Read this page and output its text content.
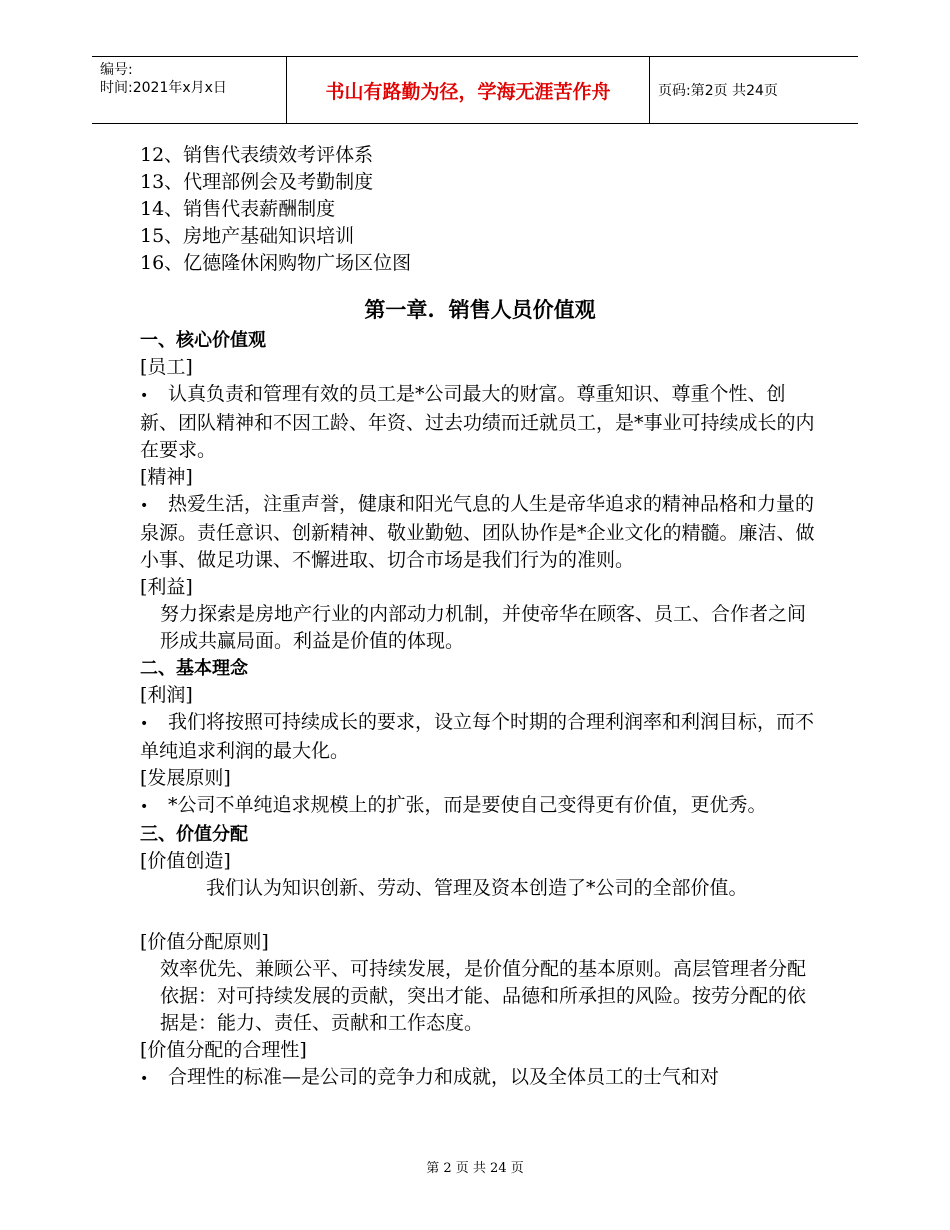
编号:
时间:2021年x月x日	书山有路勤为径，学海无涯苦作舟	页码:第2页 共24页
12、销售代表绩效考评体系
13、代理部例会及考勤制度
14、销售代表薪酬制度
15、房地产基础知识培训
16、亿德隆休闲购物广场区位图
第一章. 销售人员价值观
一、核心价值观
[员工]
• 认真负责和管理有效的员工是*公司最大的财富。尊重知识、尊重个性、创新、团队精神和不因工龄、年资、过去功绩而迁就员工，是*事业可持续成长的内在要求。
[精神]
• 热爱生活，注重声誉，健康和阳光气息的人生是帝华追求的精神品格和力量的泉源。责任意识、创新精神、敬业勤勉、团队协作是*企业文化的精髓。廉洁、做小事、做足功课、不懈进取、切合市场是我们行为的准则。
[利益]
努力探索是房地产行业的内部动力机制，并使帝华在顾客、员工、合作者之间形成共赢局面。利益是价值的体现。
二、基本理念
[利润]
• 我们将按照可持续成长的要求，设立每个时期的合理利润率和利润目标，而不单纯追求利润的最大化。
[发展原则]
• *公司不单纯追求规模上的扩张，而是要使自己变得更有价值，更优秀。
三、价值分配
[价值创造]
我们认为知识创新、劳动、管理及资本创造了*公司的全部价值。
[价值分配原则]
效率优先、兼顾公平、可持续发展，是价值分配的基本原则。高层管理者分配依据：对可持续发展的贡献，突出才能、品德和所承担的风险。按劳分配的依据是：能力、责任、贡献和工作态度。
[价值分配的合理性]
• 合理性的标准—是公司的竞争力和成就，以及全体员工的士气和对
第 2 页 共 24 页
